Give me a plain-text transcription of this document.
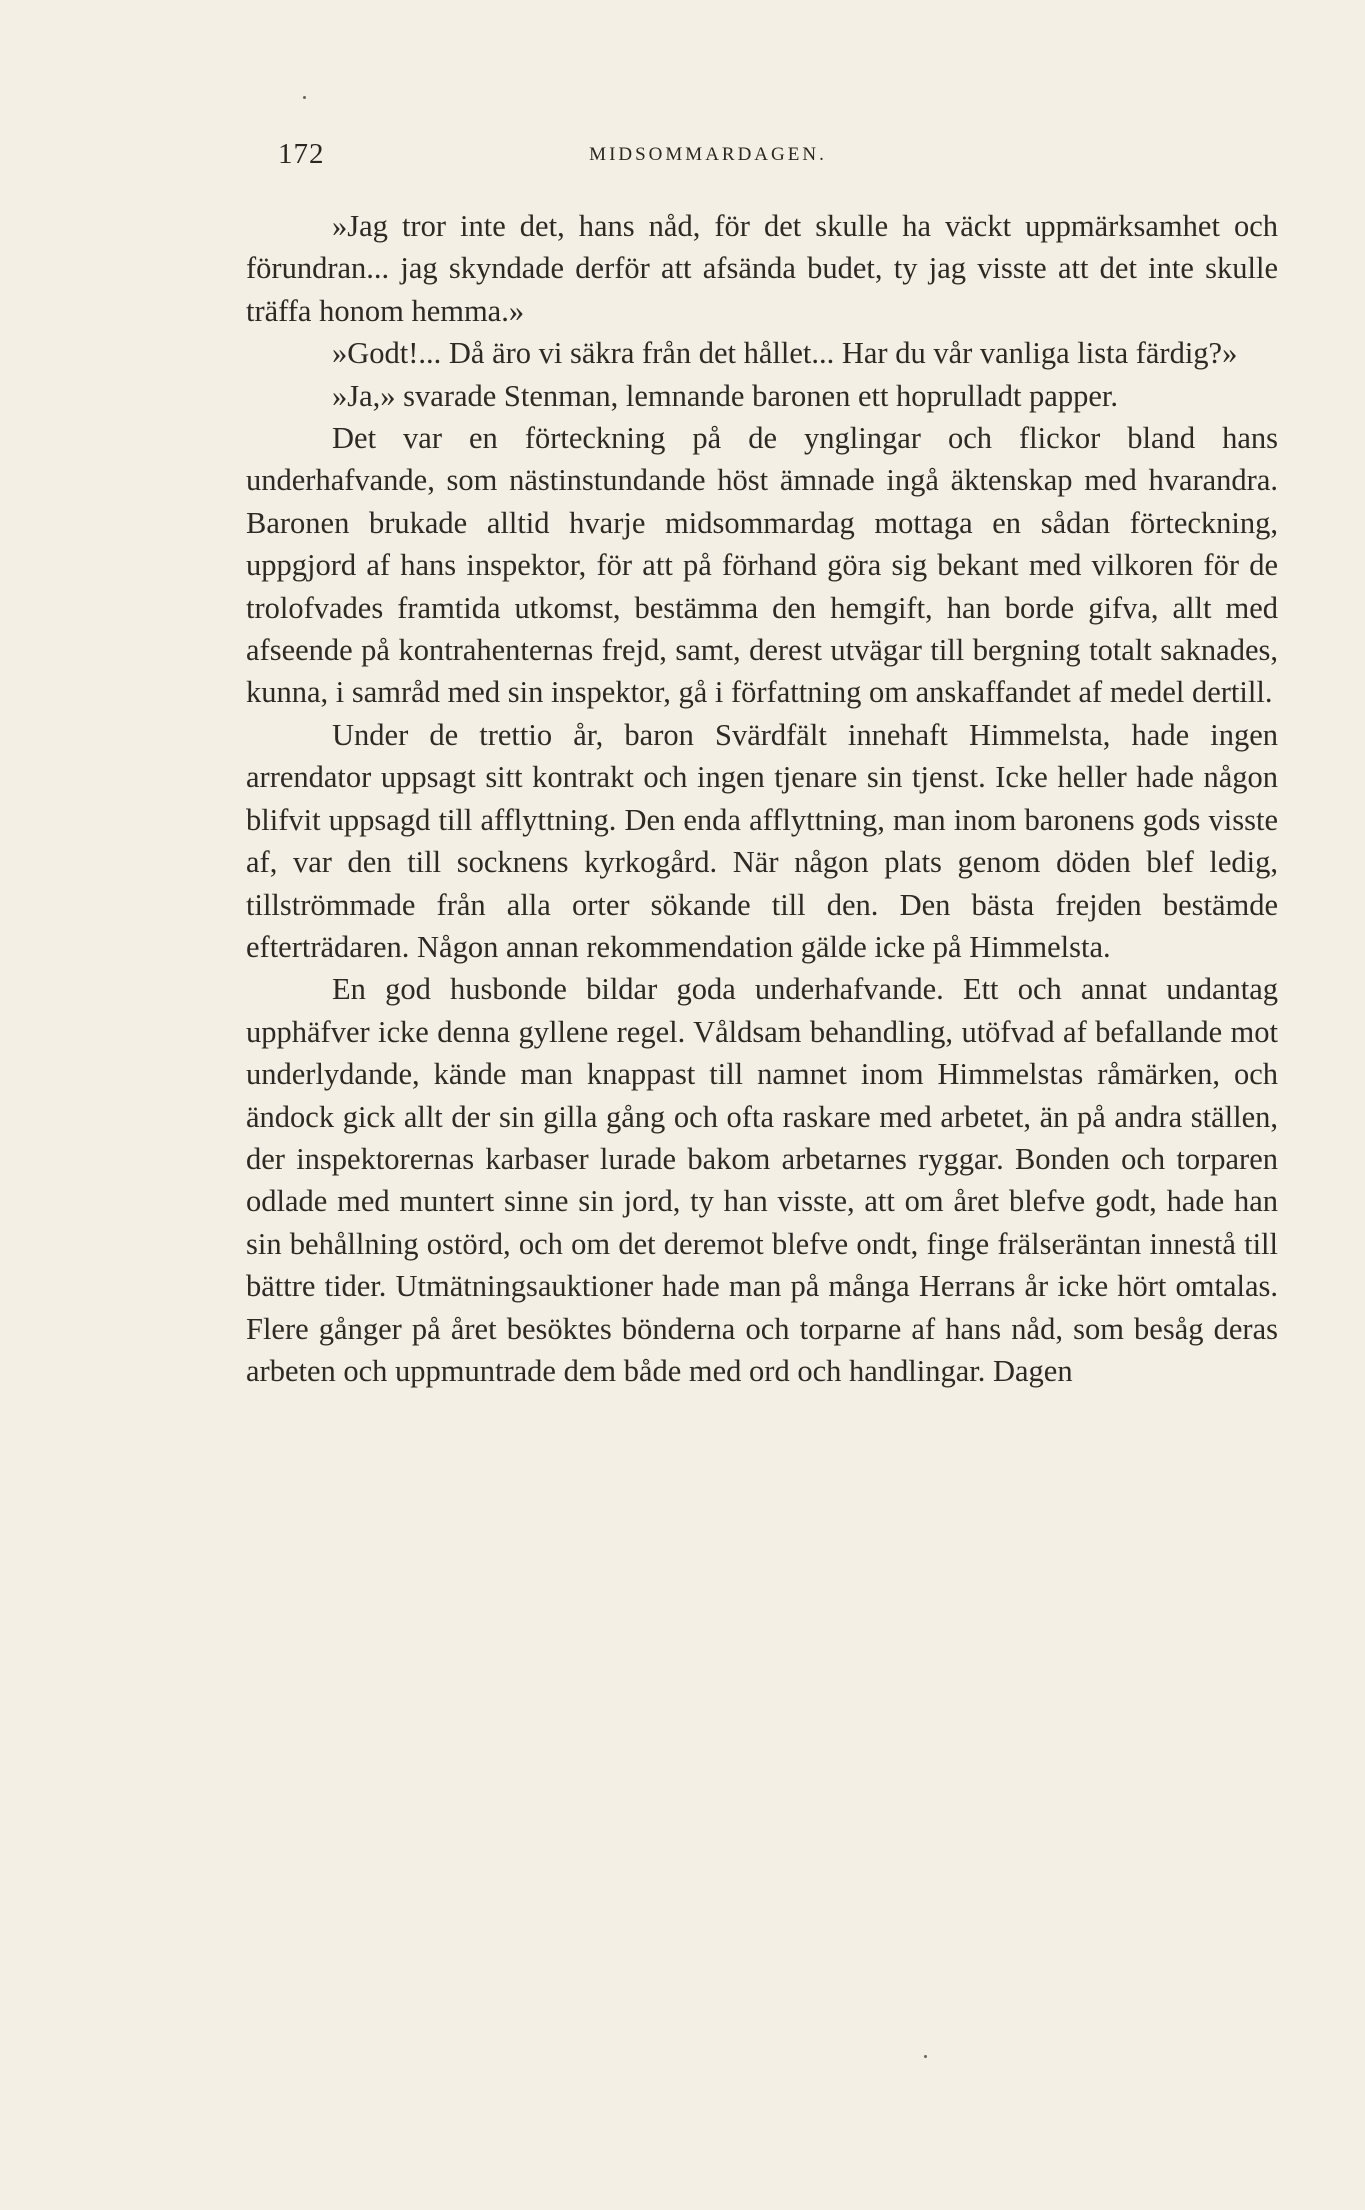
172	MIDSOMMARDAGEN.

»Jag tror inte det, hans nåd, för det skulle ha väckt uppmärksamhet och förundran... jag skyndade derför att afsända budet, ty jag visste att det inte skulle träffa honom hemma.»

»Godt!... Då äro vi säkra från det hållet... Har du vår vanliga lista färdig?»

»Ja,» svarade Stenman, lemnande baronen ett hoprulladt papper.

Det var en förteckning på de ynglingar och flickor bland hans underhafvande, som nästinstundande höst ämnade ingå äktenskap med hvarandra. Baronen brukade alltid hvarje midsommardag mottaga en sådan förteckning, uppgjord af hans inspektor, för att på förhand göra sig bekant med vilkoren för de trolofvades framtida utkomst, bestämma den hemgift, han borde gifva, allt med afseende på kontrahenternas frejd, samt, derest utvägar till bergning totalt saknades, kunna, i samråd med sin inspektor, gå i författning om anskaffandet af medel dertill.

Under de trettio år, baron Svärdfält innehaft Himmelsta, hade ingen arrendator uppsagt sitt kontrakt och ingen tjenare sin tjenst. Icke heller hade någon blifvit uppsagd till afflyttning. Den enda afflyttning, man inom baronens gods visste af, var den till socknens kyrkogård. När någon plats genom döden blef ledig, tillströmmade från alla orter sökande till den. Den bästa frejden bestämde efterträdaren. Någon annan rekommendation gälde icke på Himmelsta.

En god husbonde bildar goda underhafvande. Ett och annat undantag upphäfver icke denna gyllene regel. Våldsam behandling, utöfvad af befallande mot underlydande, kände man knappast till namnet inom Himmelstas råmärken, och ändock gick allt der sin gilla gång och ofta raskare med arbetet, än på andra ställen, der inspektorernas karbaser lurade bakom arbetarnes ryggar. Bonden och torparen odlade med muntert sinne sin jord, ty han visste, att om året blefve godt, hade han sin behållning ostörd, och om det deremot blefve ondt, finge frälseräntan innestå till bättre tider. Utmätningsauktioner hade man på många Herrans år icke hört omtalas. Flere gånger på året besöktes bönderna och torparne af hans nåd, som besåg deras arbeten och uppmuntrade dem både med ord och handlingar. Dagen
